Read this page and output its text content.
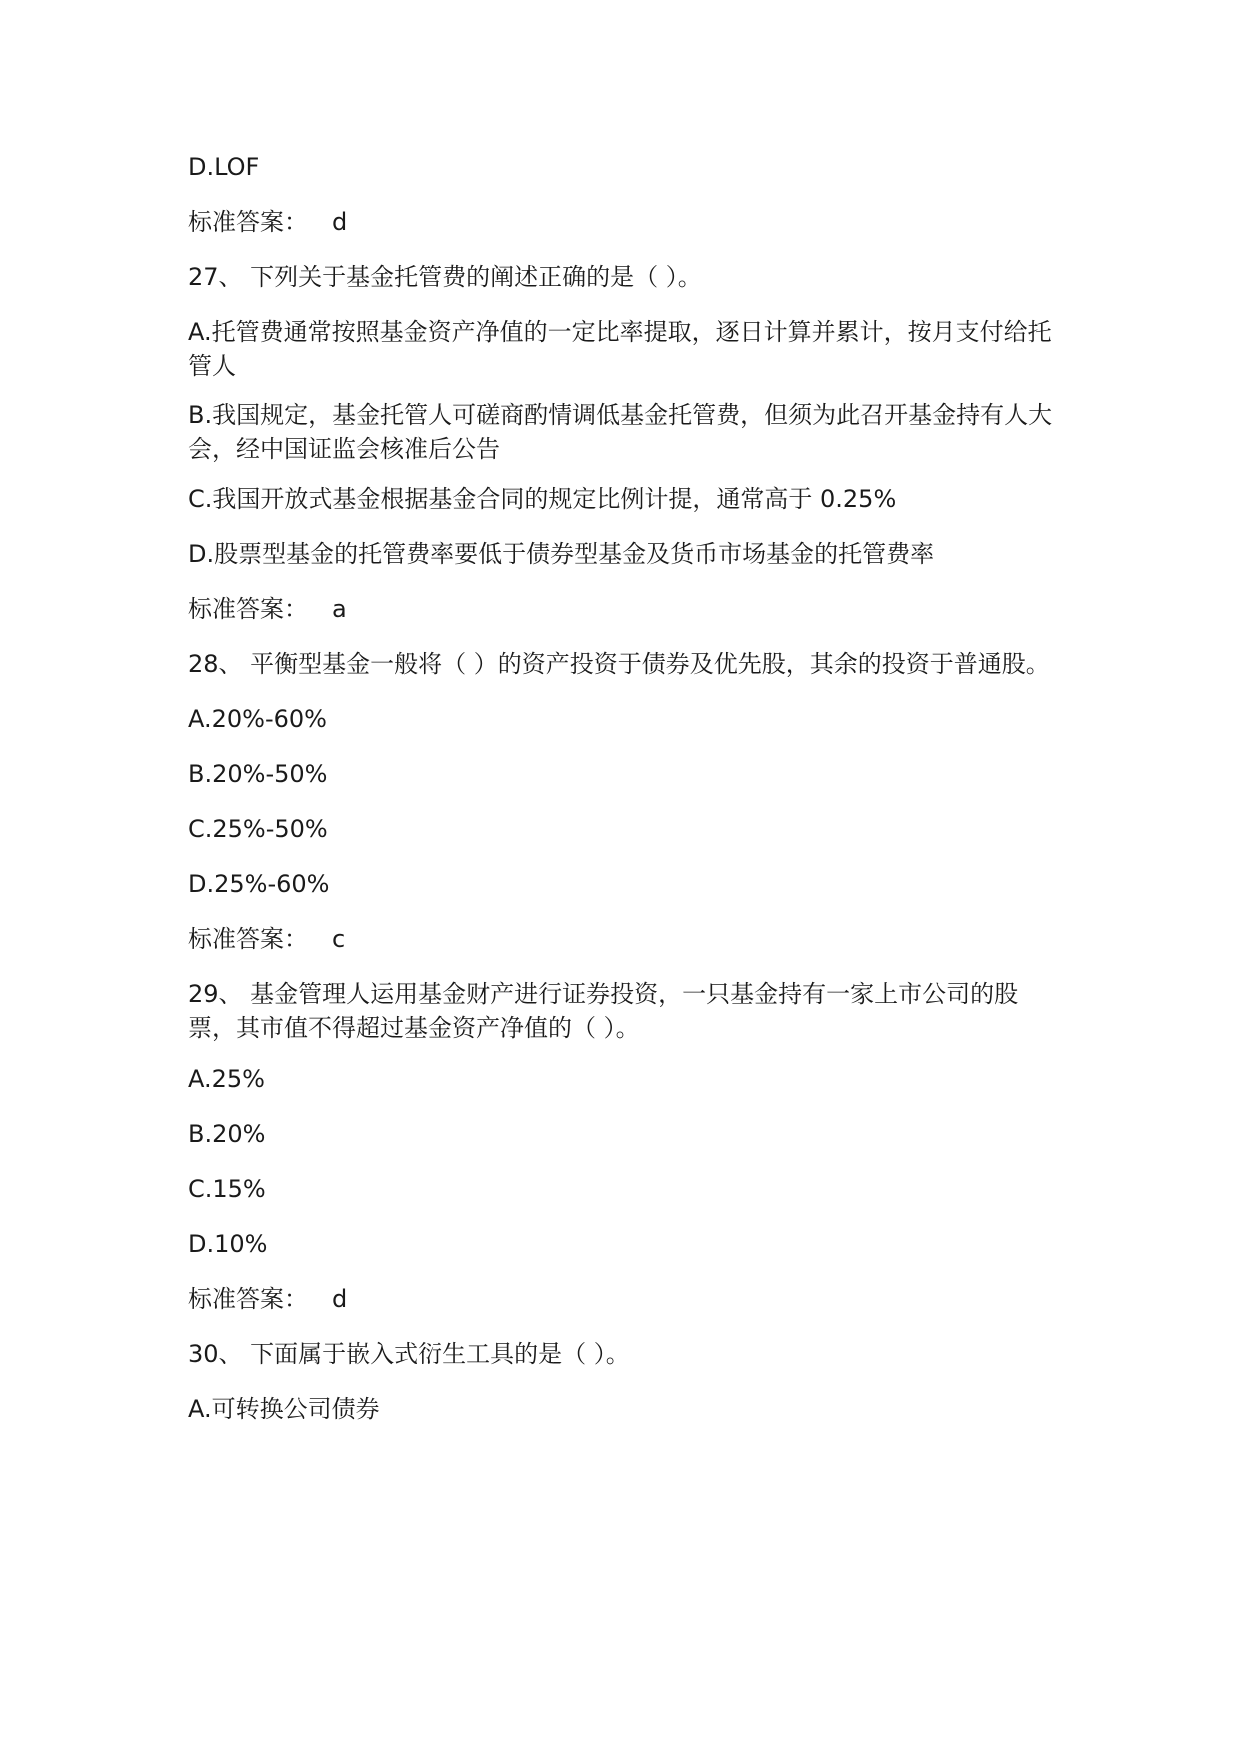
D.LOF
标准答案： d
27、 下列关于基金托管费的阐述正确的是（ ）。
A.托管费通常按照基金资产净值的一定比率提取，逐日计算并累计，按月支付给托管人
B.我国规定，基金托管人可磋商酌情调低基金托管费，但须为此召开基金持有人大会，经中国证监会核准后公告
C.我国开放式基金根据基金合同的规定比例计提，通常高于 0.25%
D.股票型基金的托管费率要低于债券型基金及货币市场基金的托管费率
标准答案： a
28、 平衡型基金一般将（ ）的资产投资于债券及优先股，其余的投资于普通股。
A.20%-60%
B.20%-50%
C.25%-50%
D.25%-60%
标准答案： c
29、 基金管理人运用基金财产进行证券投资，一只基金持有一家上市公司的股票，其市值不得超过基金资产净值的（ ）。
A.25%
B.20%
C.15%
D.10%
标准答案： d
30、 下面属于嵌入式衍生工具的是（ ）。
A.可转换公司债券
